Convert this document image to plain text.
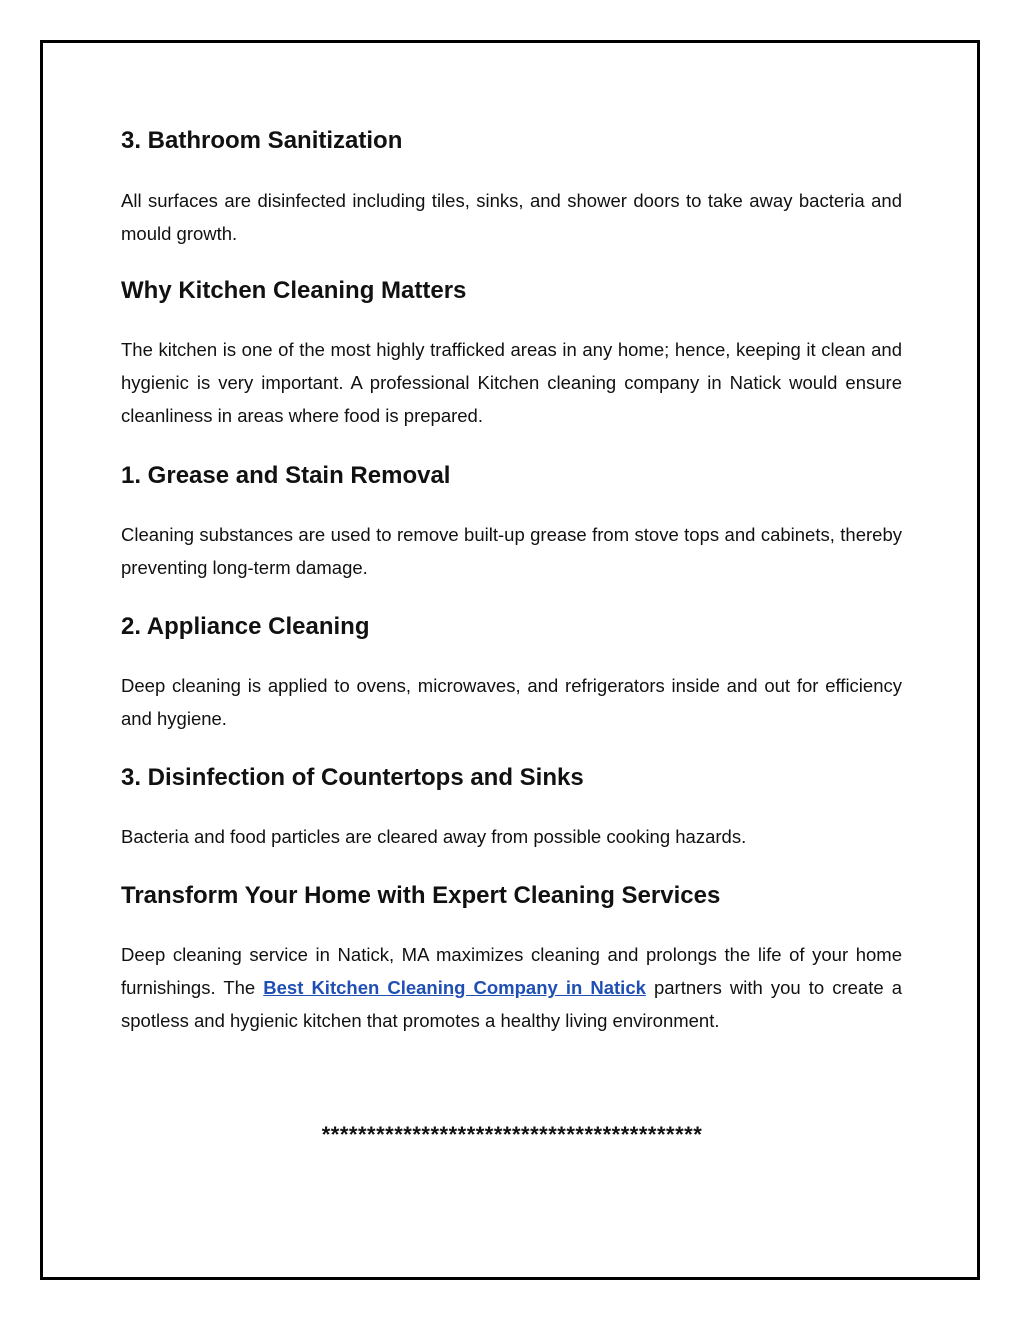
3. Bathroom Sanitization

All surfaces are disinfected including tiles, sinks, and shower doors to take away bacteria and mould growth.

Why Kitchen Cleaning Matters

The kitchen is one of the most highly trafficked areas in any home; hence, keeping it clean and hygienic is very important. A professional Kitchen cleaning company in Natick would ensure cleanliness in areas where food is prepared.

1. Grease and Stain Removal

Cleaning substances are used to remove built-up grease from stove tops and cabinets, thereby preventing long-term damage.

2. Appliance Cleaning

Deep cleaning is applied to ovens, microwaves, and refrigerators inside and out for efficiency and hygiene.

3. Disinfection of Countertops and Sinks

Bacteria and food particles are cleared away from possible cooking hazards.

Transform Your Home with Expert Cleaning Services

Deep cleaning service in Natick, MA maximizes cleaning and prolongs the life of your home furnishings. The Best Kitchen Cleaning Company in Natick partners with you to create a spotless and hygienic kitchen that promotes a healthy living environment.

******************************************
